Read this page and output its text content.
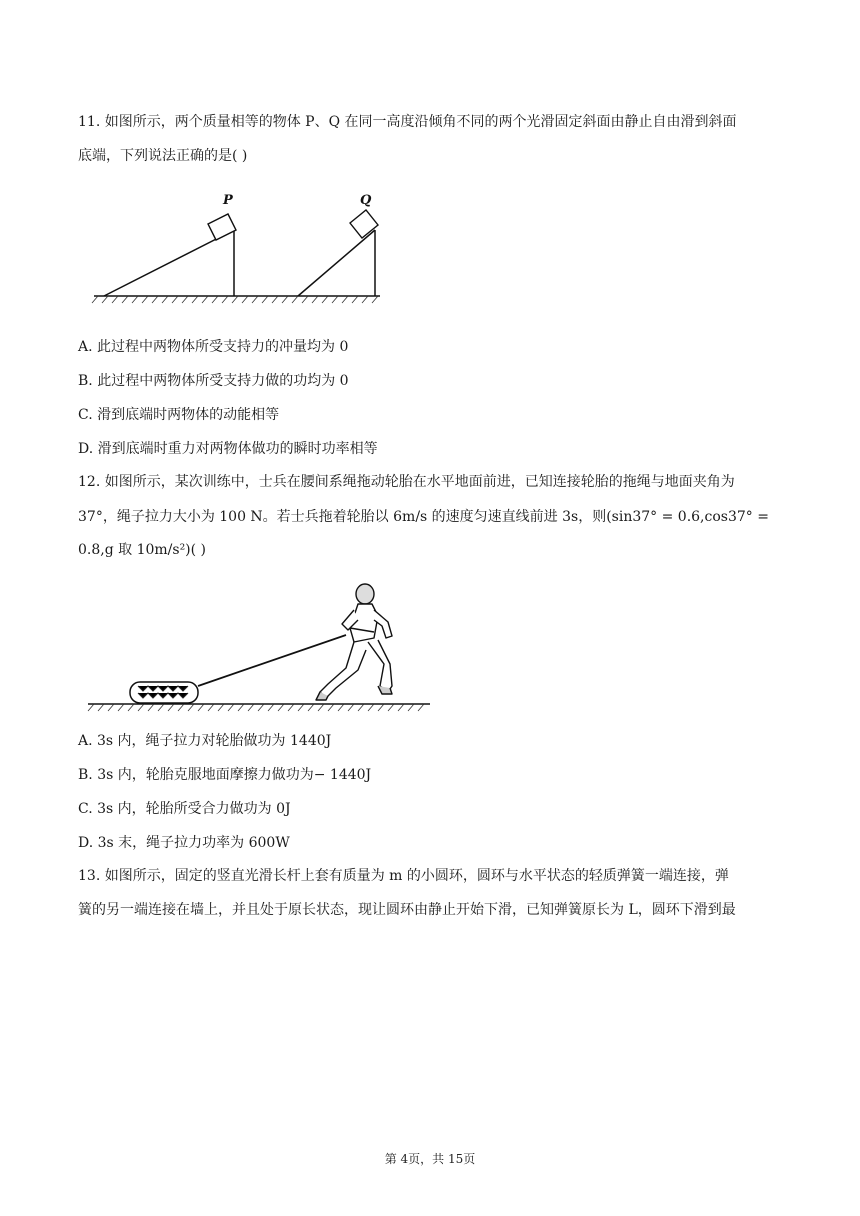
11. 如图所示，两个质量相等的物体 P、Q 在同一高度沿倾角不同的两个光滑固定斜面由静止自由滑到斜面
底端，下列说法正确的是( )
P	Q
A. 此过程中两物体所受支持力的冲量均为 0
B. 此过程中两物体所受支持力做的功均为 0
C. 滑到底端时两物体的动能相等
D. 滑到底端时重力对两物体做功的瞬时功率相等
12. 如图所示，某次训练中，士兵在腰间系绳拖动轮胎在水平地面前进，已知连接轮胎的拖绳与地面夹角为
37°，绳子拉力大小为 100 N。若士兵拖着轮胎以 6m/s 的速度匀速直线前进 3s，则(sin37° = 0.6,cos37° =
0.8,g 取 10m/s²)( )
A. 3s 内，绳子拉力对轮胎做功为 1440J
B. 3s 内，轮胎克服地面摩擦力做功为− 1440J
C. 3s 内，轮胎所受合力做功为 0J
D. 3s 末，绳子拉力功率为 600W
13. 如图所示，固定的竖直光滑长杆上套有质量为 m 的小圆环，圆环与水平状态的轻质弹簧一端连接，弹
簧的另一端连接在墙上，并且处于原长状态，现让圆环由静止开始下滑，已知弹簧原长为 L，圆环下滑到最
第 4页，共 15页
